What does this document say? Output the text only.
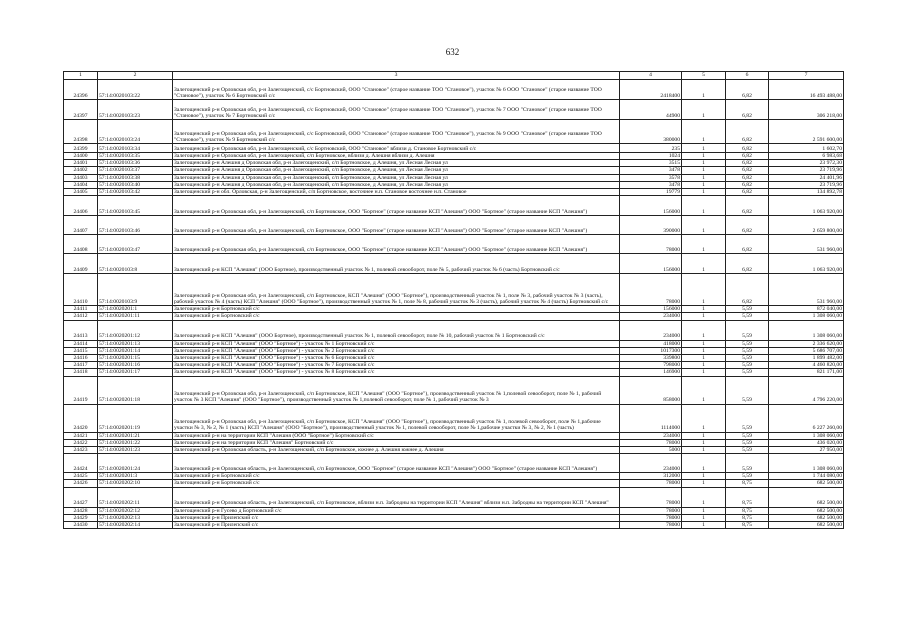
632
1	2	3	4	5	6	7
24396	57:14:0020103:22	Залегощенский р-н Орловская обл, р-н Залегощенский, с/с Бортновский, ООО "Становое" (старое название ТОО "Становое"), участок № 6 ООО "Становое" (старое название ТОО "Становое"), участок № 6 Бортновский с/с	2418400	1	6,82	16 493 488,00
24397	57:14:0020103:23	Залегощенский р-н Орловская обл, р-н Залегощенский, с/с Бортновский, ООО "Становое" (старое название ТОО "Становое"), участок № 7 ООО "Становое" (старое название ТОО "Становое"), участок № 7 Бортновский с/с	44900	1	6,82	306 218,00
24398	57:14:0020103:24	Залегощенский р-н Орловская обл, р-н Залегощенский, с/с Бортновский, ООО "Становое" (старое название ТОО "Становое"), участок № 9 ООО "Становое" (старое название ТОО "Становое"), участок № 9 Бортновский с/с	380000	1	6,82	2 591 600,00
24399	57:14:0020103:34	Залегощенский р-н Орловская обл, р-н Залегощенский, с/с Бортновский, ООО "Становое" вблизи д. Становое Бортновский с/с	235	1	6,82	1 602,70
24400	57:14:0020103:35	Залегощенский р-н Орловская обл, р-н Залегощенский, с/п Бортновское, вблизи д. Алешня вблизи д. Алешня	1024	1	6,82	6 983,68
24401	57:14:0020103:36	Залегощенский р-н Алешня д Орловская обл, р-н Залегощенский, с/п Бортновское, д Алешня, ул Лесная Лесная ул	3515	1	6,82	23 972,30
24402	57:14:0020103:37	Залегощенский р-н Алешня д Орловская обл, р-н Залегощенский, с/п Бортновское, д Алешня, ул Лесная Лесная ул	3478	1	6,82	23 719,96
24403	57:14:0020103:38	Залегощенский р-н Алешня д Орловская обл, р-н Залегощенский, с/п Бортновское, д Алешня, ул Лесная Лесная ул	3578	1	6,82	24 401,96
24404	57:14:0020103:40	Залегощенский р-н Алешня д Орловская обл, р-н Залегощенский, с/п Бортновское, д Алешня, ул Лесная Лесная ул	3478	1	6,82	23 719,96
24405	57:14:0020103:42	Залегощенский р-н обл. Орловская, р-н Залегощенский, с/п Бортновское, восточнее н.п. Становое восточнее н.п. Становое	19779	1	6,82	134 892,78
24406	57:14:0020103:45	Залегощенский р-н Орловская обл, р-н Залегощенский, с/п Бортновское, ООО "Бортное" (старое название КСП "Алешня") ООО "Бортное" (старое название КСП "Алешня")	156000	1	6,82	1 063 920,00
24407	57:14:0020103:46	Залегощенский р-н Орловская обл, р-н Залегощенский, с/п Бортновское, ООО "Бортное" (старое название КСП "Алешня") ООО "Бортное" (старое название КСП "Алешня")	390000	1	6,82	2 659 800,00
24408	57:14:0020103:47	Залегощенский р-н Орловская обл, р-н Залегощенский, с/п Бортновское, ООО "Бортное" (старое название КСП "Алешня") ООО "Бортное" (старое название КСП "Алешня")	78000	1	6,82	531 960,00
24409	57:14:0020103:8	Залегощенский р-н КСП "Алешня" (ООО Бортное), производственный участок № 1, полевой севооборот, поле № 5, рабочий участок № 6 (часть) Бортновский с/с	156000	1	6,82	1 063 920,00
24410	57:14:0020103:9	Залегощенский р-н Орловская обл, р-н Залегощенский, с/п Бортновское, КСП "Алешня" (ООО "Бортное"), производственный участок № 1, поле № 3, рабочий участок № 3 (часть), рабочий участок № 4 (часть) КСП "Алешня" (ООО "Бортное"), производственный участок № 1, поле № 8, рабочий участок № 3 (часть), рабочий участок № 4 (часть) Бортновский с/с	78000	1	6,82	531 960,00
24411	57:14:0020201:1	Залегощенский р-н Бортновский с/с	156000	1	5,59	872 040,00
24412	57:14:0020201:11	Залегощенский р-н Бортновский с/с	234000	1	5,59	1 308 060,00
24413	57:14:0020201:12	Залегощенский р-н КСП "Алешня" (ООО Бортное), производственный участок № 1, полевой севооборот, поле № 10, рабочий участок № 1 Бортновский с/с	234000	1	5,59	1 308 060,00
24414	57:14:0020201:13	Залегощенский р-н КСП "Алешня" (ООО "Бортное") - участок № 1 Бортновский с/с	418000	1	5,59	2 336 620,00
24415	57:14:0020201:14	Залегощенский р-н КСП "Алешня" (ООО "Бортное") - участок № 2 Бортновский с/с	1017300	1	5,59	5 686 707,00
24416	57:14:0020201:15	Залегощенский р-н КСП "Алешня" (ООО "Бортное") - участок № 6 Бортновский с/с	339800	1	5,59	1 899 482,00
24417	57:14:0020201:16	Залегощенский р-н КСП "Алешня" (ООО "Бортное") - участок № 7 Бортновский с/с	798000	1	5,59	4 460 820,00
24418	57:14:0020201:17	Залегощенский р-н КСП "Алешня" (ООО "Бортное") - участок № 8 Бортновский с/с	146900	1	5,59	821 171,00
24419	57:14:0020201:18	Залегощенский р-н Орловская обл, р-н Залегощенский, с/п Бортновское, КСП "Алешня" (ООО "Бортное"), производственный участок № 1,полевой севооборот, поле № 1, рабочий участок № 3 КСП "Алешня" (ООО "Бортное"), производственный участок № 1,полевой севооборот, поле № 1, рабочий участок № 3	858000	1	5,59	4 796 220,00
24420	57:14:0020201:19	Залегощенский р-н Орловская обл, р-н Залегощенский, с/п Бортновское, КСП "Алешня" (ООО "Бортное"), производственный участок № 1, полевой севооборот, поле № 1,рабочие участки № 3, № 2, № 1 (часть) КСП "Алешня" (ООО "Бортное"), производственный участок № 1, полевой севооборот, поле № 1,рабочие участки № 3, № 2, № 1 (часть)	1114000	1	5,59	6 227 260,00
24421	57:14:0020201:21	Залегощенский р-н на территории КСП "Алешня (ООО "Бортное") Бортновский с/с	234000	1	5,59	1 308 060,00
24422	57:14:0020201:22	Залегощенский р-н на территории КСП "Алешня" Бортновский с/с	78000	1	5,59	436 020,00
24423	57:14:0020201:23	Залегощенский р-н Орловская область, р-н Залегощенский, с/п Бортновское, южнее д. Алешня южнее д. Алешня	5000	1	5,59	27 950,00
24424	57:14:0020201:24	Залегощенский р-н Орловская область, р-н Залегощенский, с/п Бортновское, ООО "Бортное" (старое название КСП "Алешня") ООО "Бортное" (старое название КСП "Алешня")	234000	1	5,59	1 308 060,00
24425	57:14:0020201:3	Залегощенский р-н Бортновский с/с	312000	1	5,59	1 744 080,00
24426	57:14:0020202:10	Залегощенский р-н Бортновский с/с	78000	1	8,75	682 500,00
24427	57:14:0020202:11	Залегощенский р-н Орловская область, р-н Залегощенский, с/п Бортновское, вблизи н.п. Забродны на территории КСП "Алешня" вблизи н.п. Забродны на территории КСП "Алешня"	78000	1	8,75	682 500,00
24428	57:14:0020202:12	Залегощенский р-н Гусево д Бортновский с/с	78000	1	8,75	682 500,00
24429	57:14:0020202:13	Залегощенский р-н Прилепский с/с	78000	1	8,75	682 500,00
24430	57:14:0020202:14	Залегощенский р-н Прилепский с/с	78000	1	8,75	682 500,00
